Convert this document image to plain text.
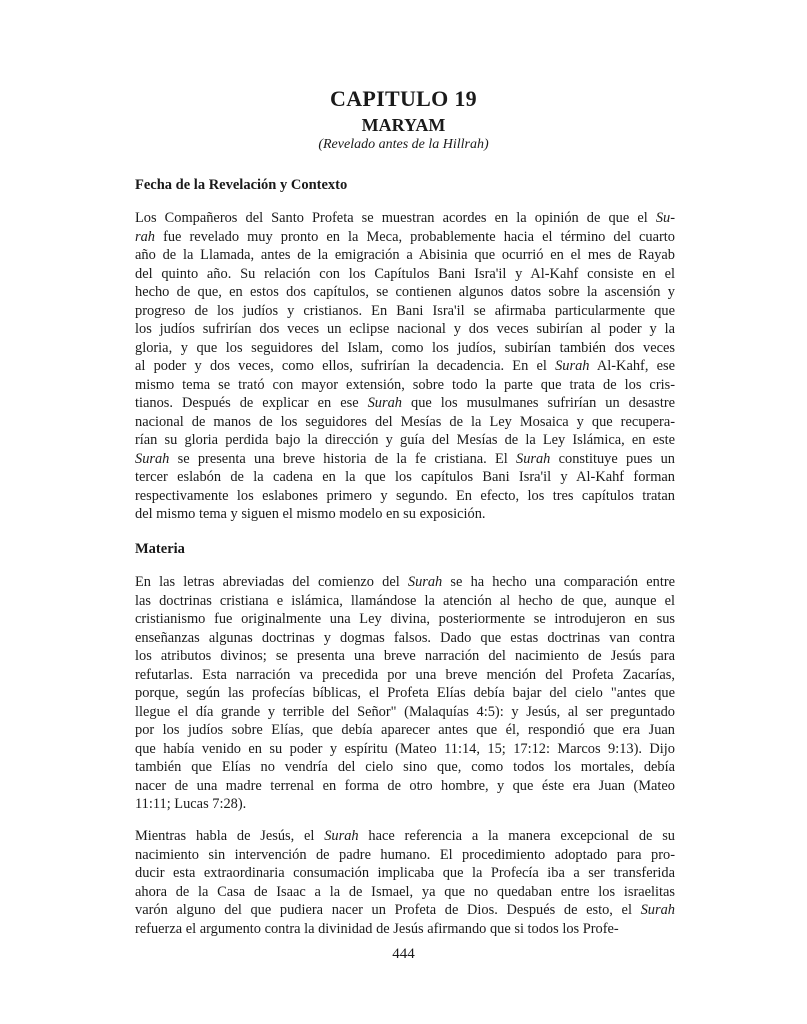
CAPITULO 19
MARYAM

(Revelado antes de la Hillrah)

Fecha de la Revelación y Contexto
Los Compañeros del Santo Profeta se muestran acordes en la opinión de que el Su-
rah fue revelado muy pronto en la Meca, probablemente hacia el término del cuarto
año de la Llamada, antes de la emigración a Abisinia que ocurrió en el mes de Rayab
del quinto año. Su relación con los Capítulos Bani Isra'il y Al-Kahf consiste en el
hecho de que, en estos dos capítulos, se contienen algunos datos sobre la ascensión y
progreso de los judíos y cristianos. En Bani Isra'il se afirmaba particularmente que
los judíos sufrirían dos veces un eclipse nacional y dos veces subirían al poder y la
gloria, y que los seguidores del Islam, como los judíos, subirían también dos veces
al poder y dos veces, como ellos, sufrirían la decadencia. En el Surah Al-Kahf, ese
mismo tema se trató con mayor extensión, sobre todo la parte que trata de los cris-
tianos. Después de explicar en ese Surah que los musulmanes sufrirían un desastre
nacional de manos de los seguidores del Mesías de la Ley Mosaica y que recupera-
rían su gloria perdida bajo la dirección y guía del Mesías de la Ley Islámica, en este
Surah se presenta una breve historia de la fe cristiana. El Surah constituye pues un
tercer eslabón de la cadena en la que los capítulos Bani Isra'il y Al-Kahf forman
respectivamente los eslabones primero y segundo. En efecto, los tres capítulos tratan
del mismo tema y siguen el mismo modelo en su exposición.
Materia
En las letras abreviadas del comienzo del Surah se ha hecho una comparación entre
las doctrinas cristiana e islámica, llamándose la atención al hecho de que, aunque el
cristianismo fue originalmente una Ley divina, posteriormente se introdujeron en sus
enseñanzas algunas doctrinas y dogmas falsos. Dado que estas doctrinas van contra
los atributos divinos; se presenta una breve narración del nacimiento de Jesús para
refutarlas. Esta narración va precedida por una breve mención del Profeta Zacarías,
porque, según las profecías bíblicas, el Profeta Elías debía bajar del cielo "antes que
llegue el día grande y terrible del Señor" (Malaquías 4:5): y Jesús, al ser preguntado
por los judíos sobre Elías, que debía aparecer antes que él, respondió que era Juan
que había venido en su poder y espíritu (Mateo 11:14, 15; 17:12: Marcos 9:13). Dijo
también que Elías no vendría del cielo sino que, como todos los mortales, debía
nacer de una madre terrenal en forma de otro hombre, y que éste era Juan (Mateo
11:11; Lucas 7:28).
Mientras habla de Jesús, el Surah hace referencia a la manera excepcional de su
nacimiento sin intervención de padre humano. El procedimiento adoptado para pro-
ducir esta extraordinaria consumación implicaba que la Profecía iba a ser transferida
ahora de la Casa de Isaac a la de Ismael, ya que no quedaban entre los israelitas
varón alguno del que pudiera nacer un Profeta de Dios. Después de esto, el Surah
refuerza el argumento contra la divinidad de Jesús afirmando que si todos los Profe-

444
